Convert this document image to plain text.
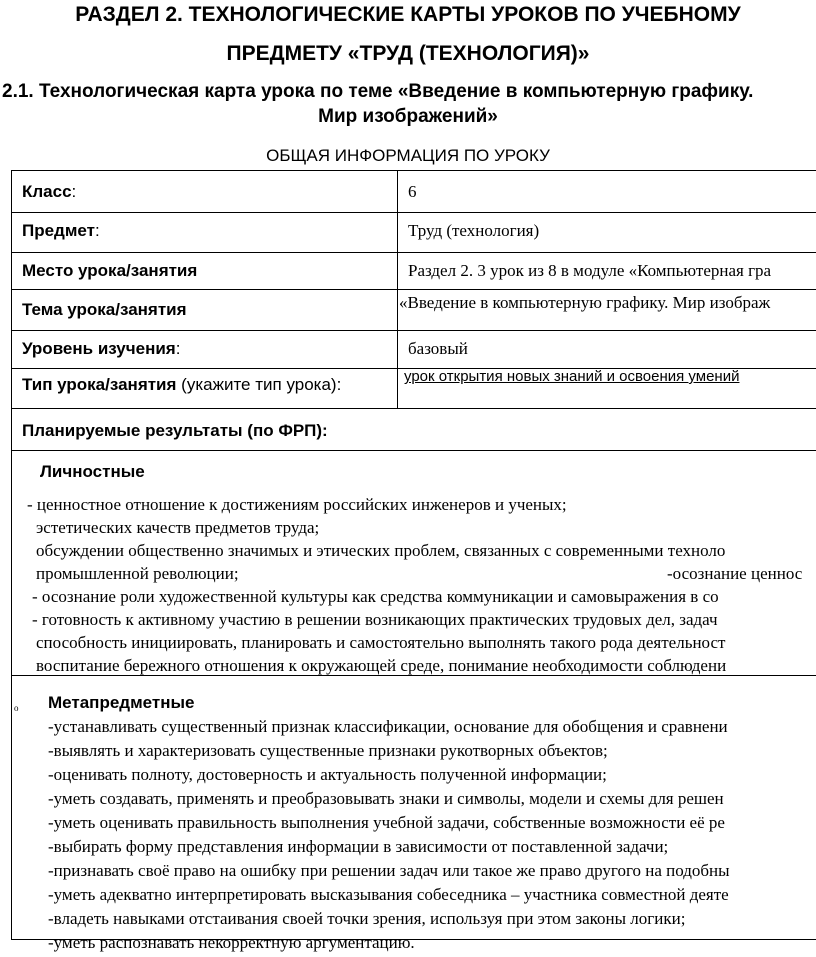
РАЗДЕЛ 2. ТЕХНОЛОГИЧЕСКИЕ КАРТЫ УРОКОВ ПО УЧЕБНОМУ
ПРЕДМЕТУ «ТРУД (ТЕХНОЛОГИЯ)»
2.1. Технологическая карта урока по теме «Введение в компьютерную графику.
Мир изображений»
ОБЩАЯ ИНФОРМАЦИЯ ПО УРОКУ
Класс:	6
Предмет:	Труд (технология)
Место урока/занятия	Раздел 2. 3 урок из 8 в модуле «Компьютерная гра
Тема урока/занятия	«Введение в компьютерную графику. Мир изображ
Уровень изучения:	базовый
Тип урока/занятия (укажите тип урока):	урок открытия новых знаний и освоения умений
Планируемые результаты (по ФРП):
Личностные
- ценностное отношение к достижениям российских инженеров и ученых;
эстетических качеств предметов труда;
обсуждении общественно значимых и этических проблем, связанных с современными техноло
промышленной революции;	-осознание ценнос
- осознание роли художественной культуры как средства коммуникации и самовыражения в со
- готовность к активному участию в решении возникающих практических трудовых дел, задач
способность инициировать, планировать и самостоятельно выполнять такого рода деятельност
воспитание бережного отношения к окружающей среде, понимание необходимости соблюдени
o Метапредметные
-устанавливать существенный признак классификации, основание для обобщения и сравнени
-выявлять и характеризовать существенные признаки рукотворных объектов;
-оценивать полноту, достоверность и актуальность полученной информации;
-уметь создавать, применять и преобразовывать знаки и символы, модели и схемы для решен
-уметь оценивать правильность выполнения учебной задачи, собственные возможности её ре
-выбирать форму представления информации в зависимости от поставленной задачи;
-признавать своё право на ошибку при решении задач или такое же право другого на подобны
-уметь адекватно интерпретировать высказывания собеседника – участника совместной деяте
-владеть навыками отстаивания своей точки зрения, используя при этом законы логики;
-уметь распознавать некорректную аргументацию.
